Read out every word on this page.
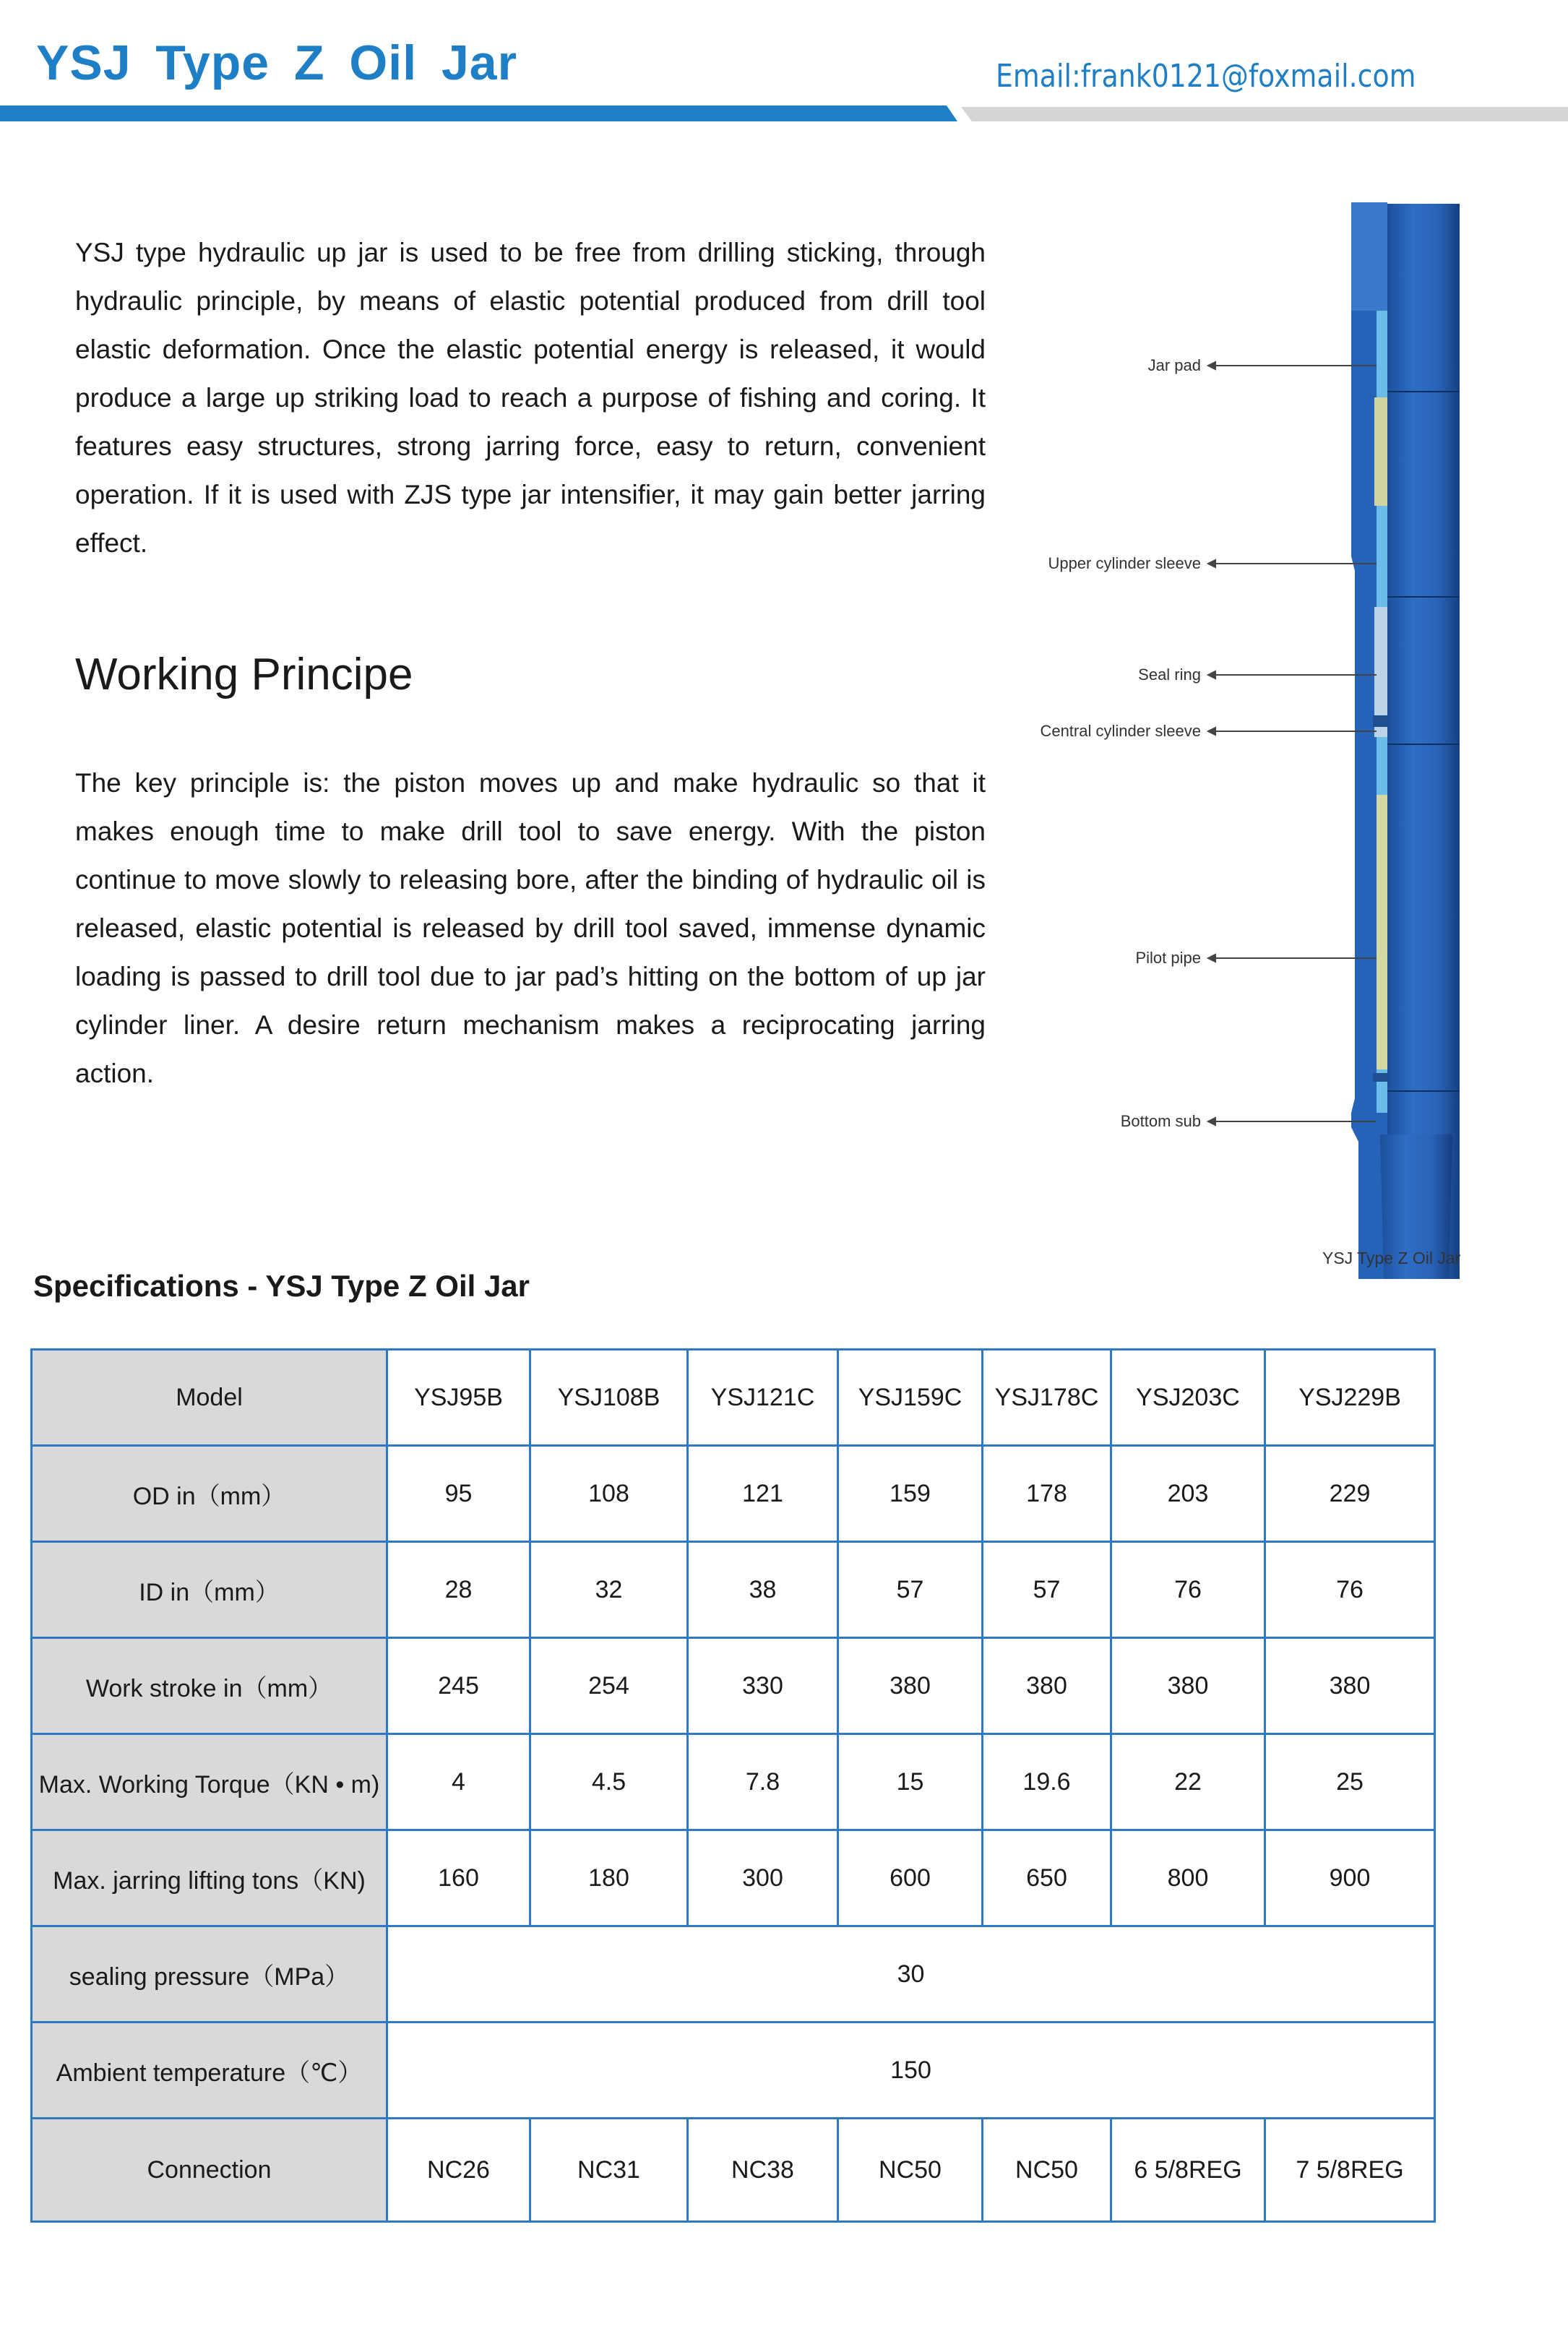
YSJ Type Z Oil Jar	Email:frank0121@foxmail.com

YSJ type hydraulic up jar is used to be free from drilling sticking, through hydraulic principle, by means of elastic potential produced from drill tool elastic deformation. Once the elastic potential energy is released, it would produce a large up striking load to reach a purpose of fishing and coring. It features easy structures, strong jarring force, easy to return, convenient operation. If it is used with ZJS type jar intensifier, it may gain better jarring effect.

Working Principe

The key principle is: the piston moves up and make hydraulic so that it makes enough time to make drill tool to save energy. With the piston continue to move slowly to releasing bore, after the binding of hydraulic oil is released, elastic potential is released by drill tool saved, immense dynamic loading is passed to drill tool due to jar pad’s hitting on the bottom of up jar cylinder liner. A desire return mechanism makes a reciprocating jarring action.

Jar pad
Upper cylinder sleeve
Seal ring
Central cylinder sleeve
Pilot pipe
Bottom sub
YSJ Type Z Oil Jar
Specifications - YSJ Type Z Oil Jar
Model	YSJ95B	YSJ108B	YSJ121C	YSJ159C	YSJ178C	YSJ203C	YSJ229B
OD in（mm）	95	108	121	159	178	203	229
ID in（mm）	28	32	38	57	57	76	76
Work stroke in（mm）	245	254	330	380	380	380	380
Max. Working Torque（KN • m)	4	4.5	7.8	15	19.6	22	25
Max. jarring lifting tons（KN)	160	180	300	600	650	800	900
sealing pressure（MPa）	30						
Ambient temperature（℃）	150						
Connection	NC26	NC31	NC38	NC50	NC50	6 5/8REG	7 5/8REG
